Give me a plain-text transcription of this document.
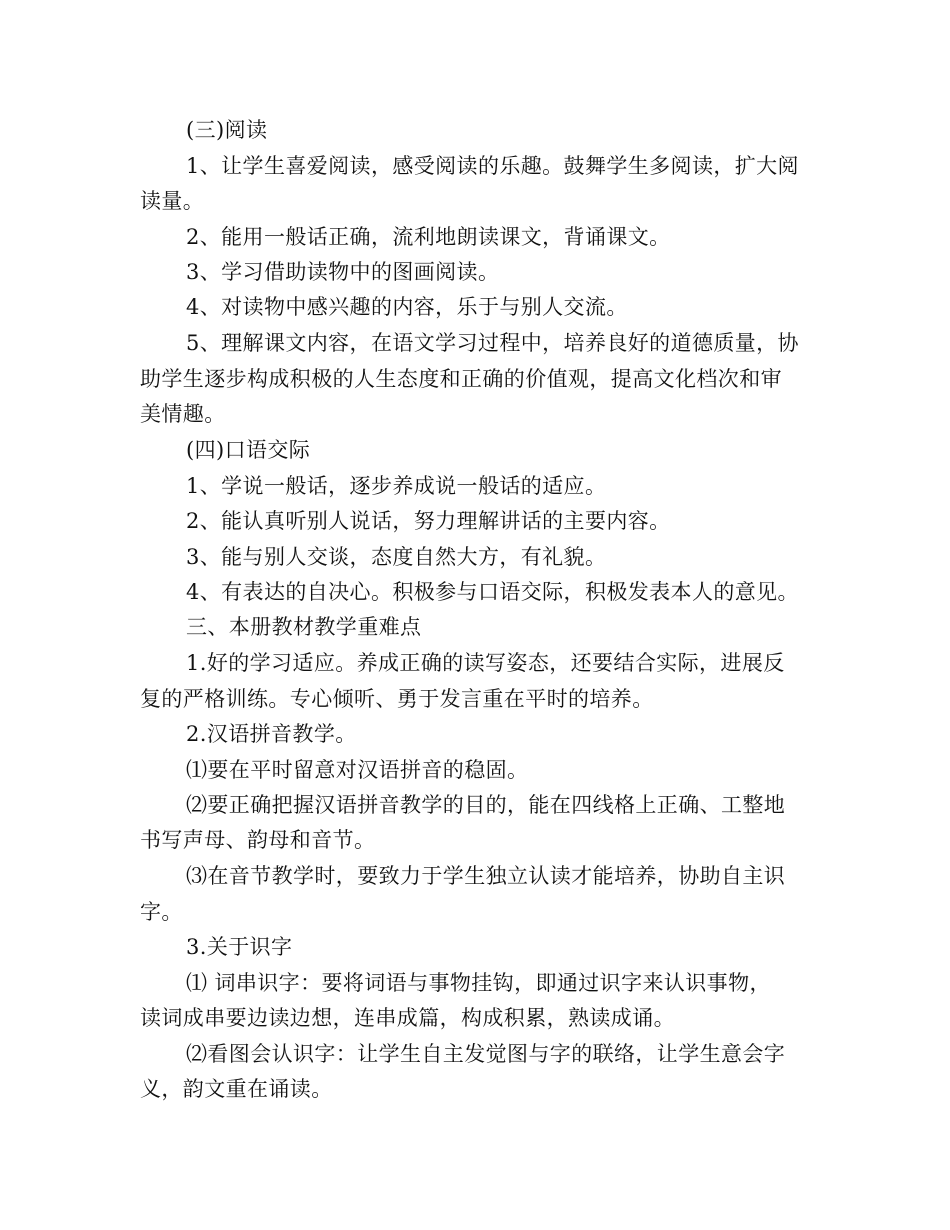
(三)阅读
1、让学生喜爱阅读，感受阅读的乐趣。鼓舞学生多阅读，扩大阅
读量。
2、能用一般话正确，流利地朗读课文，背诵课文。
3、学习借助读物中的图画阅读。
4、对读物中感兴趣的内容，乐于与别人交流。
5、理解课文内容，在语文学习过程中，培养良好的道德质量，协
助学生逐步构成积极的人生态度和正确的价值观，提高文化档次和审
美情趣。
(四)口语交际
1、学说一般话，逐步养成说一般话的适应。
2、能认真听别人说话，努力理解讲话的主要内容。
3、能与别人交谈，态度自然大方，有礼貌。
4、有表达的自决心。积极参与口语交际，积极发表本人的意见。
三、本册教材教学重难点
1.好的学习适应。养成正确的读写姿态，还要结合实际，进展反
复的严格训练。专心倾听、勇于发言重在平时的培养。
2.汉语拼音教学。
⑴要在平时留意对汉语拼音的稳固。
⑵要正确把握汉语拼音教学的目的，能在四线格上正确、工整地
书写声母、韵母和音节。
⑶在音节教学时，要致力于学生独立认读才能培养，协助自主识
字。
3.关于识字
⑴ 词串识字：要将词语与事物挂钩，即通过识字来认识事物，
读词成串要边读边想，连串成篇，构成积累，熟读成诵。
⑵看图会认识字：让学生自主发觉图与字的联络，让学生意会字
义，韵文重在诵读。
